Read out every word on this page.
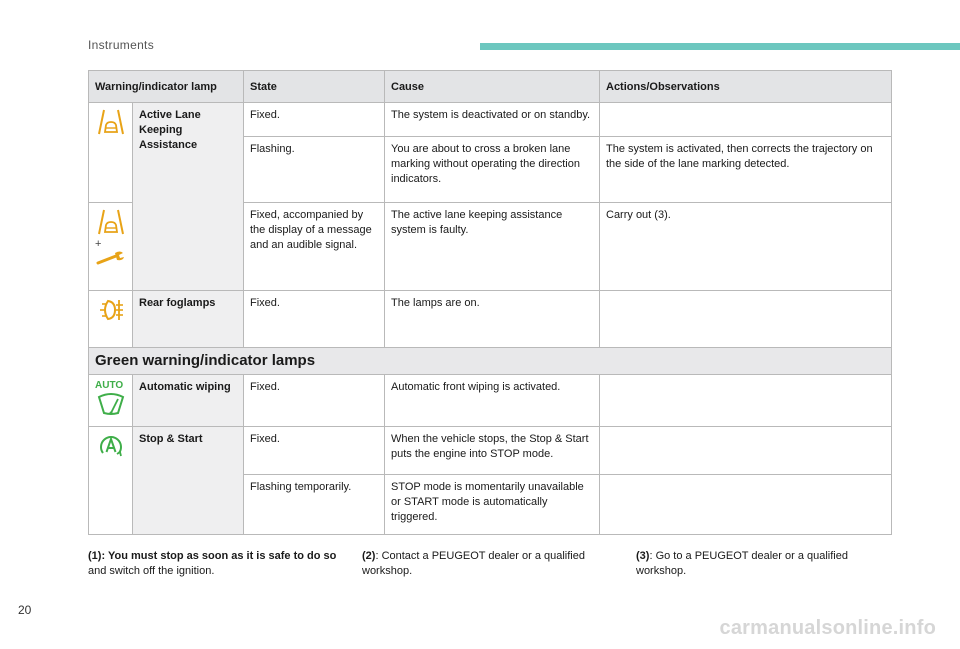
Instruments
Warning/indicator lamp		State	Cause	Actions/Observations

	Active Lane Keeping Assistance	Fixed.	The system is deactivated or on standby.	
		Flashing.	You are about to cross a broken lane marking without operating the direction indicators.	The system is activated, then corrects the trajectory on the side of the lane marking detected.

+		Fixed, accompanied by the display of a message and an audible signal.	The active lane keeping assistance system is faulty.	Carry out (3).

	Rear foglamps	Fixed.	The lamps are on.	
Green warning/indicator lamps				

AUTO	Automatic wiping	Fixed.	Automatic front wiping is activated.	

	Stop & Start	Fixed.	When the vehicle stops, the Stop & Start puts the engine into STOP mode.	
		Flashing temporarily.	STOP mode is momentarily unavailable or START mode is automatically triggered.	
(1): You must stop as soon as it is safe to do so and switch off the ignition.
(2): Contact a PEUGEOT dealer or a qualified workshop.
(3): Go to a PEUGEOT dealer or a qualified workshop.
20
carmanualsonline.info
